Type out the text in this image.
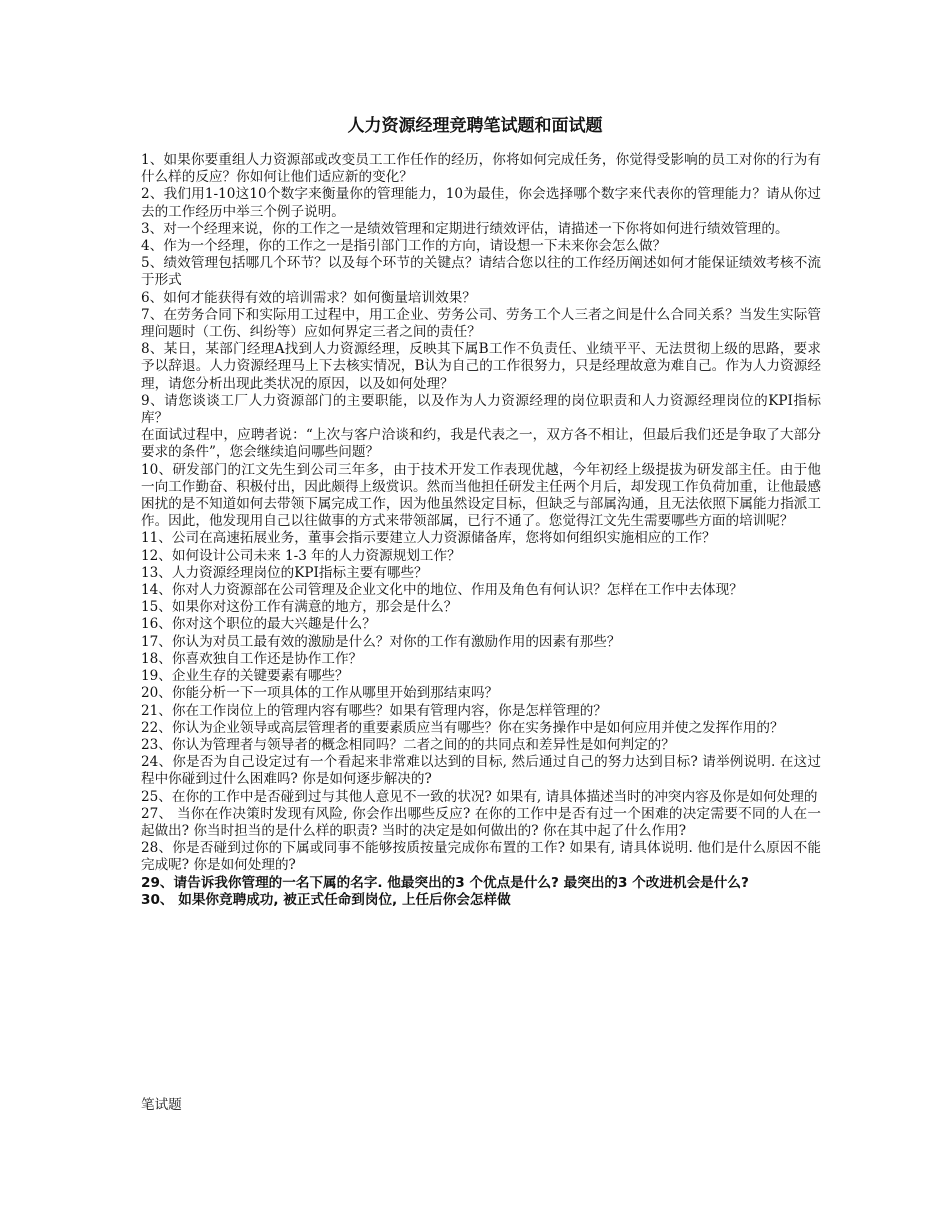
人力资源经理竞聘笔试题和面试题

1、如果你要重组人力资源部或改变员工工作任作的经历，你将如何完成任务，你觉得受影响的员工对你的行为有什么样的反应？你如何让他们适应新的变化？

2、我们用1-10这10个数字来衡量你的管理能力，10为最佳，你会选择哪个数字来代表你的管理能力？请从你过去的工作经历中举三个例子说明。

3、对一个经理来说，你的工作之一是绩效管理和定期进行绩效评估，请描述一下你将如何进行绩效管理的。

4、作为一个经理，你的工作之一是指引部门工作的方向，请设想一下未来你会怎么做？

5、绩效管理包括哪几个环节？以及每个环节的关键点？请结合您以往的工作经历阐述如何才能保证绩效考核不流于形式

6、如何才能获得有效的培训需求？如何衡量培训效果？

7、在劳务合同下和实际用工过程中，用工企业、劳务公司、劳务工个人三者之间是什么合同关系？当发生实际管理问题时（工伤、纠纷等）应如何界定三者之间的责任？

8、某日，某部门经理A找到人力资源经理，反映其下属B工作不负责任、业绩平平、无法贯彻上级的思路，要求予以辞退。人力资源经理马上下去核实情况，B认为自己的工作很努力，只是经理故意为难自己。作为人力资源经理，请您分析出现此类状况的原因，以及如何处理？

9、请您谈谈工厂人力资源部门的主要职能，以及作为人力资源经理的岗位职责和人力资源经理岗位的KPI指标库？

在面试过程中，应聘者说：“上次与客户洽谈和约，我是代表之一，双方各不相让，但最后我们还是争取了大部分要求的条件”，您会继续追问哪些问题？

10、研发部门的江文先生到公司三年多，由于技术开发工作表现优越，今年初经上级提拔为研发部主任。由于他一向工作勤奋、积极付出，因此颇得上级赏识。然而当他担任研发主任两个月后，却发现工作负荷加重，让他最感困扰的是不知道如何去带领下属完成工作，因为他虽然设定目标，但缺乏与部属沟通，且无法依照下属能力指派工作。因此，他发现用自己以往做事的方式来带领部属，已行不通了。您觉得江文先生需要哪些方面的培训呢？

11、公司在高速拓展业务，董事会指示要建立人力资源储备库，您将如何组织实施相应的工作？

12、如何设计公司未来 1-3 年的人力资源规划工作？

13、人力资源经理岗位的KPI指标主要有哪些？

14、你对人力资源部在公司管理及企业文化中的地位、作用及角色有何认识？怎样在工作中去体现？

15、如果你对这份工作有满意的地方，那会是什么？

16、你对这个职位的最大兴趣是什么？

17、你认为对员工最有效的激励是什么？对你的工作有激励作用的因素有那些？

18、你喜欢独自工作还是协作工作？

19、企业生存的关键要素有哪些？

20、你能分析一下一项具体的工作从哪里开始到那结束吗？

21、你在工作岗位上的管理内容有哪些？如果有管理内容，你是怎样管理的？

22、你认为企业领导或高层管理者的重要素质应当有哪些？你在实务操作中是如何应用并使之发挥作用的？

23、你认为管理者与领导者的概念相同吗？二者之间的的共同点和差异性是如何判定的？

24、你是否为自己设定过有一个看起来非常难以达到的目标, 然后通过自己的努力达到目标? 请举例说明. 在这过程中你碰到过什么困难吗? 你是如何逐步解决的?

25、在你的工作中是否碰到过与其他人意见不一致的状况? 如果有, 请具体描述当时的冲突内容及你是如何处理的

27、 当你在作决策时发现有风险, 你会作出哪些反应? 在你的工作中是否有过一个困难的决定需要不同的人在一起做出? 你当时担当的是什么样的职责? 当时的决定是如何做出的? 你在其中起了什么作用?

28、你是否碰到过你的下属或同事不能够按质按量完成你布置的工作? 如果有, 请具体说明. 他们是什么原因不能完成呢? 你是如何处理的?

29、请告诉我你管理的一名下属的名字. 他最突出的3 个优点是什么? 最突出的3 个改进机会是什么?

30、 如果你竞聘成功, 被正式任命到岗位, 上任后你会怎样做

笔试题
